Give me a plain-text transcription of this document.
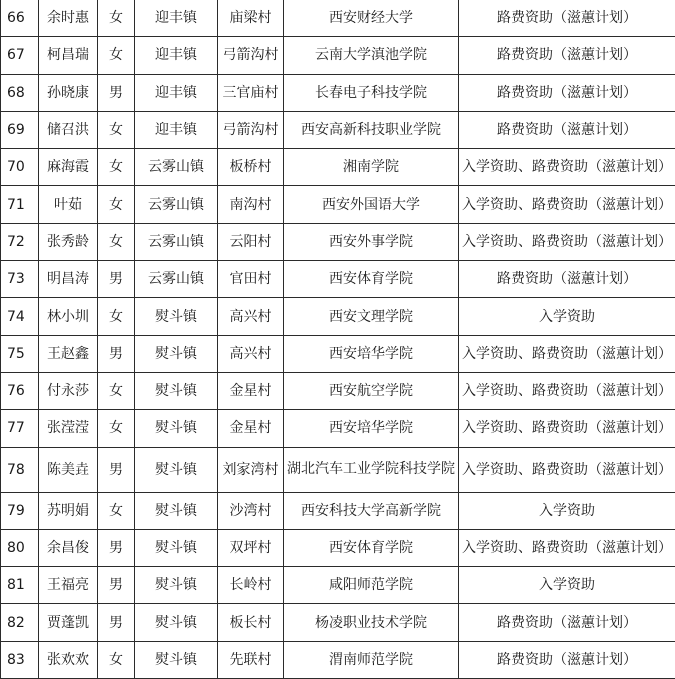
66	余时惠	女	迎丰镇	庙梁村	西安财经大学	路费资助（滋蕙计划）
67	柯昌瑞	女	迎丰镇	弓箭沟村	云南大学滇池学院	路费资助（滋蕙计划）
68	孙晓康	男	迎丰镇	三官庙村	长春电子科技学院	路费资助（滋蕙计划）
69	储召洪	女	迎丰镇	弓箭沟村	西安高新科技职业学院	路费资助（滋蕙计划）
70	麻海霞	女	云雾山镇	板桥村	湘南学院	入学资助、路费资助（滋蕙计划）
71	叶茹	女	云雾山镇	南沟村	西安外国语大学	入学资助、路费资助（滋蕙计划）
72	张秀龄	女	云雾山镇	云阳村	西安外事学院	入学资助、路费资助（滋蕙计划）
73	明昌涛	男	云雾山镇	官田村	西安体育学院	路费资助（滋蕙计划）
74	林小圳	女	熨斗镇	高兴村	西安文理学院	入学资助
75	王赵鑫	男	熨斗镇	高兴村	西安培华学院	入学资助、路费资助（滋蕙计划）
76	付永莎	女	熨斗镇	金星村	西安航空学院	入学资助、路费资助（滋蕙计划）
77	张滢滢	女	熨斗镇	金星村	西安培华学院	入学资助、路费资助（滋蕙计划）
78	陈美垚	男	熨斗镇	刘家湾村	湖北汽车工业学院科技学院	入学资助、路费资助（滋蕙计划）
79	苏明娟	女	熨斗镇	沙湾村	西安科技大学高新学院	入学资助
80	余昌俊	男	熨斗镇	双坪村	西安体育学院	入学资助、路费资助（滋蕙计划）
81	王福亮	男	熨斗镇	长岭村	咸阳师范学院	入学资助
82	贾蓬凯	男	熨斗镇	板长村	杨凌职业技术学院	路费资助（滋蕙计划）
83	张欢欢	女	熨斗镇	先联村	渭南师范学院	路费资助（滋蕙计划）
